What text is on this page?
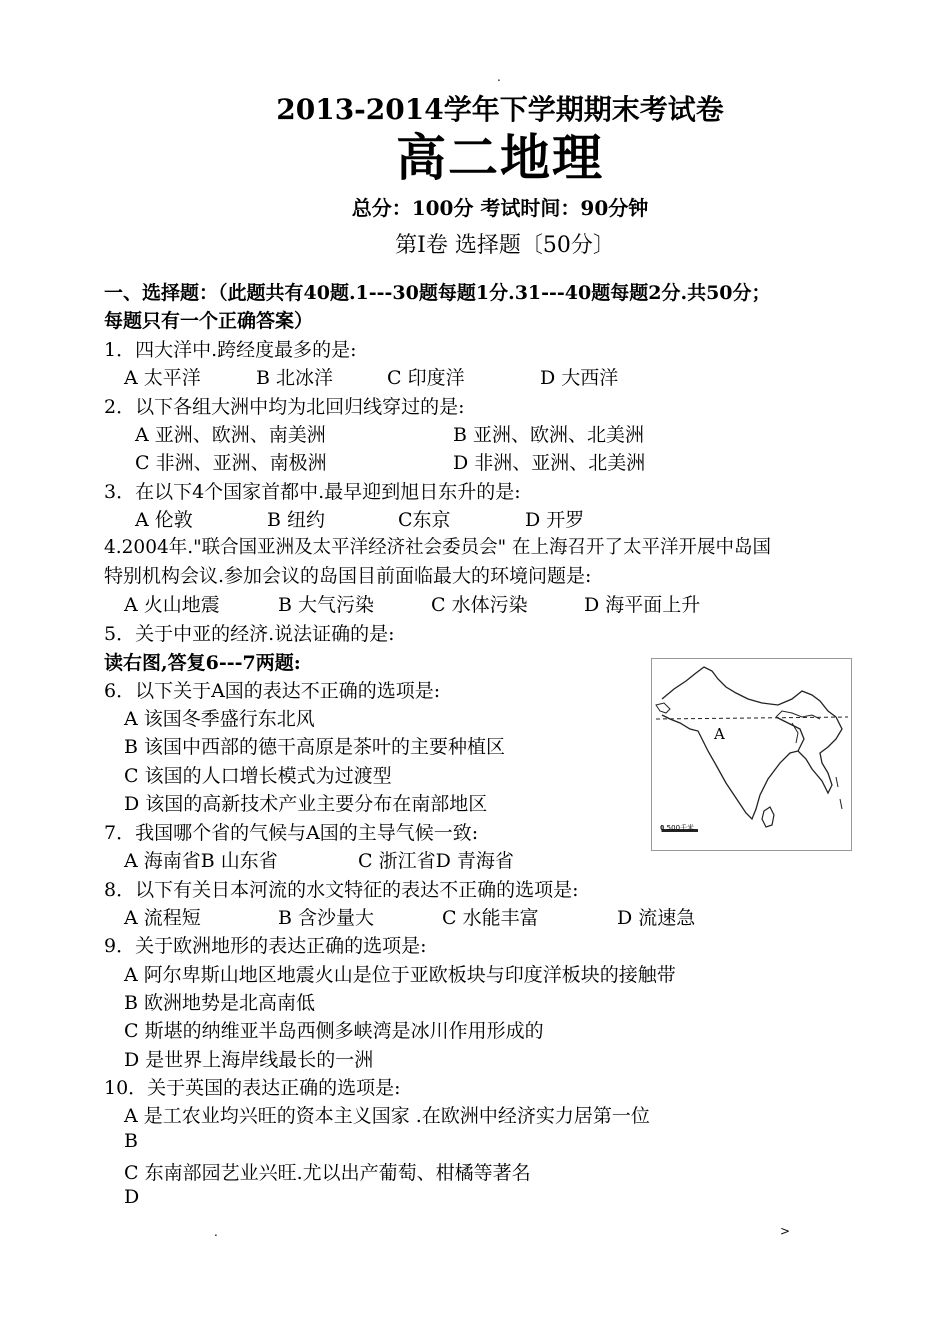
.
2013-2014学年下学期期末考试卷
高二地理
总分：100分 考试时间：90分钟
第Ⅰ卷 选择题〔50分〕
一、选择题：（此题共有40题.1---30题每题1分.31---40题每题2分.共50分；
每题只有一个正确答案）
1．四大洋中.跨经度最多的是:
A 太平洋	B 北冰洋	C 印度洋	D 大西洋
2．以下各组大洲中均为北回归线穿过的是:
A 亚洲、欧洲、南美洲	B 亚洲、欧洲、北美洲
C 非洲、亚洲、南极洲	D 非洲、亚洲、北美洲
3．在以下4个国家首都中.最早迎到旭日东升的是:
A 伦敦	B 纽约	C东京	D 开罗
4.2004年."联合国亚洲及太平洋经济社会委员会" 在上海召开了太平洋开展中岛国
特别机构会议.参加会议的岛国目前面临最大的环境问题是:
A 火山地震	B 大气污染	C 水体污染	D 海平面上升
5．关于中亚的经济.说法证确的是:
读右图,答复6---7两题:
6．以下关于A国的表达不正确的选项是:
A 该国冬季盛行东北风
B 该国中西部的德干高原是茶叶的主要种植区
C 该国的人口增长模式为过渡型
D 该国的高新技术产业主要分布在南部地区
7．我国哪个省的气候与A国的主导气候一致:
A 海南省B 山东省	C 浙江省D 青海省
8．以下有关日本河流的水文特征的表达不正确的选项是:
A 流程短	B 含沙量大	C 水能丰富	D 流速急
9．关于欧洲地形的表达正确的选项是:
A 阿尔卑斯山地区地震火山是位于亚欧板块与印度洋板块的接触带
B 欧洲地势是北高南低
C 斯堪的纳维亚半岛西侧多峡湾是冰川作用形成的
D 是世界上海岸线最长的一洲
10．关于英国的表达正确的选项是:
A 是工农业均兴旺的资本主义国家 .在欧洲中经济实力居第一位
B
C 东南部园艺业兴旺.尤以出产葡萄、柑橘等著名
D
A
0 500千米
.	>
